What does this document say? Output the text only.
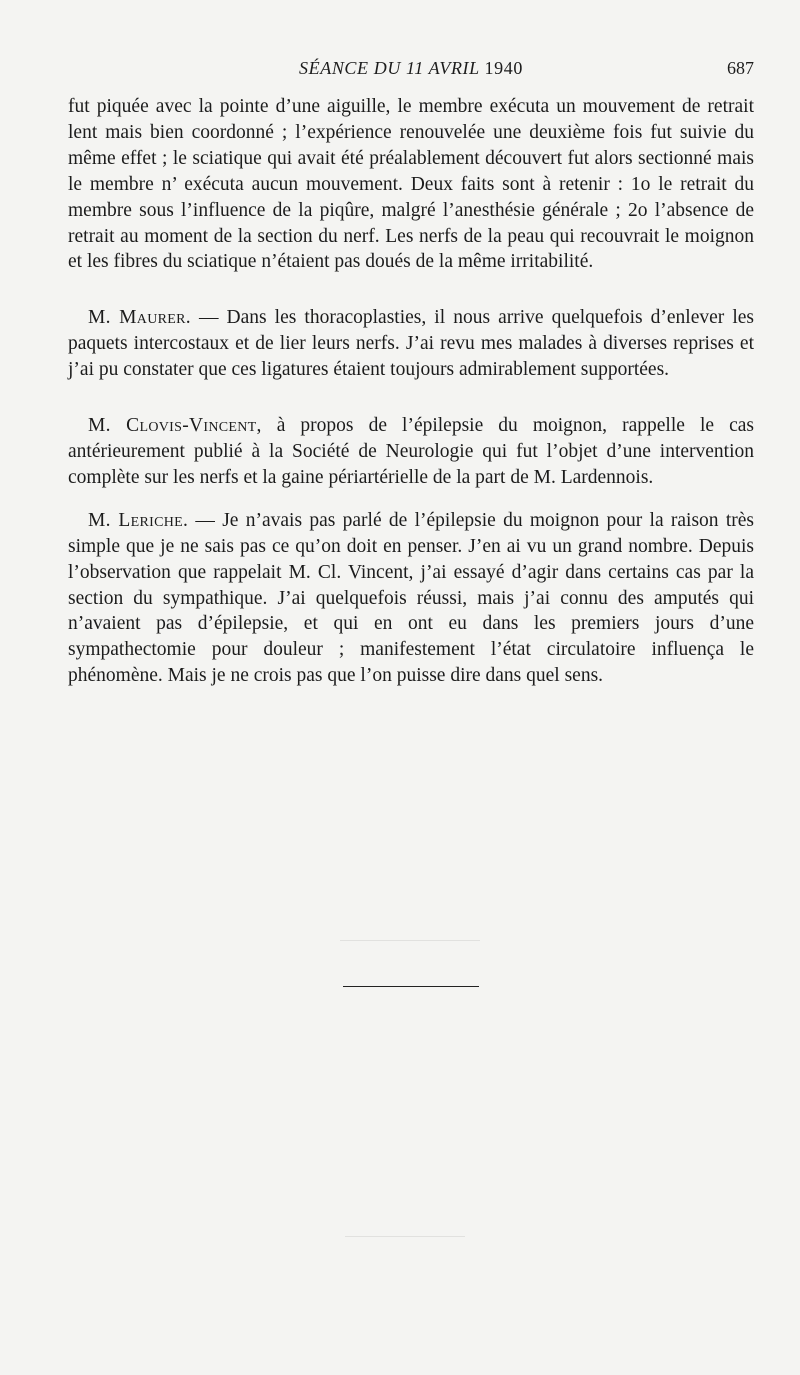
SÉANCE DU 11 AVRIL 1940	687

fut piquée avec la pointe d’une aiguille, le membre exécuta un mouvement de retrait lent mais bien coordonné ; l’expérience renouvelée une deuxième fois fut suivie du même effet ; le sciatique qui avait été préalablement découvert fut alors sectionné mais le membre n’ exécuta aucun mouvement. Deux faits sont à retenir : 1o le retrait du membre sous l’influence de la piqûre, malgré l’anesthésie générale ; 2o l’absence de retrait au moment de la section du nerf. Les nerfs de la peau qui recouvrait le moignon et les fibres du sciatique n’étaient pas doués de la même irritabilité.

M. Maurer. — Dans les thoracoplasties, il nous arrive quelquefois d’enlever les paquets intercostaux et de lier leurs nerfs. J’ai revu mes malades à diverses reprises et j’ai pu constater que ces ligatures étaient toujours admirablement supportées.

M. Clovis-Vincent, à propos de l’épilepsie du moignon, rappelle le cas antérieurement publié à la Société de Neurologie qui fut l’objet d’une intervention complète sur les nerfs et la gaine périartérielle de la part de M. Lardennois.

M. Leriche. — Je n’avais pas parlé de l’épilepsie du moignon pour la raison très simple que je ne sais pas ce qu’on doit en penser. J’en ai vu un grand nombre. Depuis l’observation que rappelait M. Cl. Vincent, j’ai essayé d’agir dans certains cas par la section du sympathique. J’ai quelquefois réussi, mais j’ai connu des amputés qui n’avaient pas d’épilepsie, et qui en ont eu dans les premiers jours d’une sympathectomie pour douleur ; manifestement l’état circulatoire influença le phénomène. Mais je ne crois pas que l’on puisse dire dans quel sens.
